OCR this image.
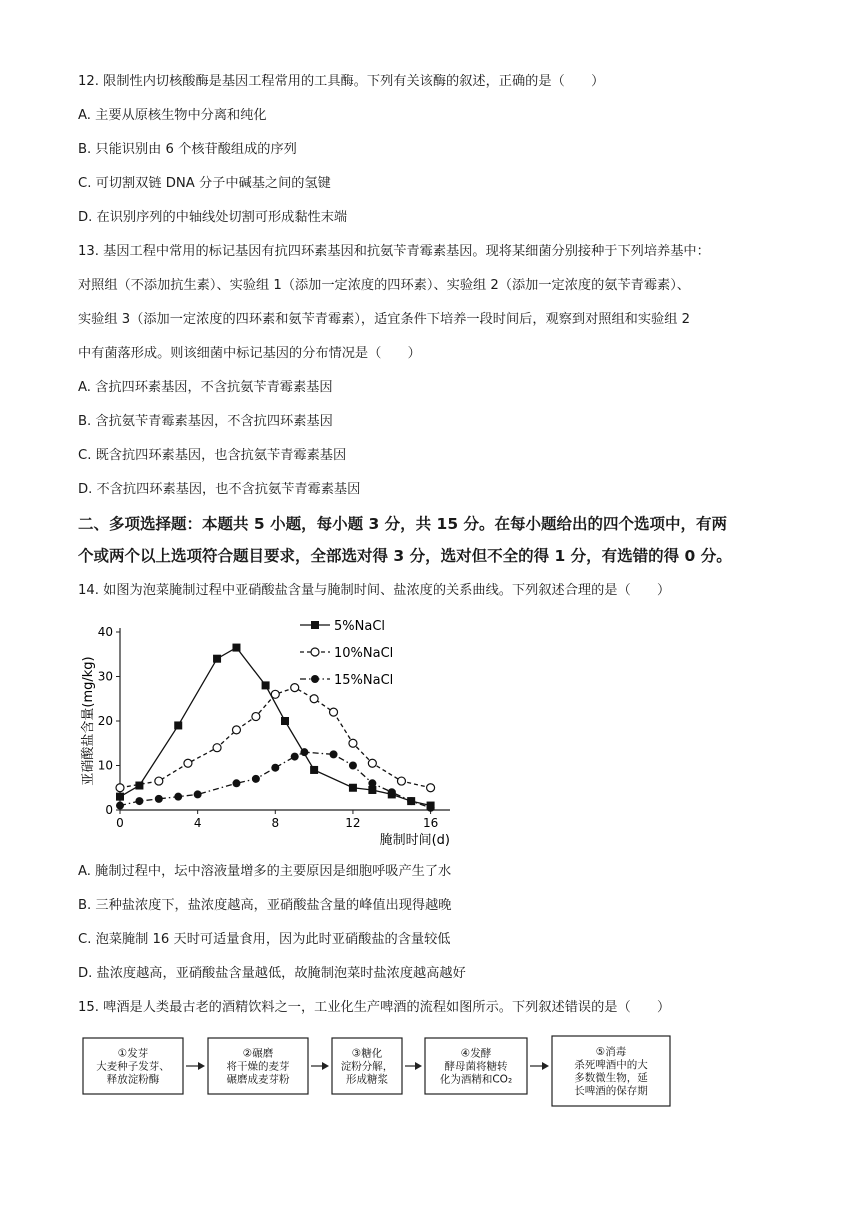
12. 限制性内切核酸酶是基因工程常用的工具酶。下列有关该酶的叙述，正确的是（　　）
A. 主要从原核生物中分离和纯化
B. 只能识别由 6 个核苷酸组成的序列
C. 可切割双链 DNA 分子中碱基之间的氢键
D. 在识别序列的中轴线处切割可形成黏性末端
13. 基因工程中常用的标记基因有抗四环素基因和抗氨苄青霉素基因。现将某细菌分别接种于下列培养基中：
对照组（不添加抗生素）、实验组 1（添加一定浓度的四环素）、实验组 2（添加一定浓度的氨苄青霉素）、
实验组 3（添加一定浓度的四环素和氨苄青霉素），适宜条件下培养一段时间后，观察到对照组和实验组 2
中有菌落形成。则该细菌中标记基因的分布情况是（　　）
A. 含抗四环素基因，不含抗氨苄青霉素基因
B. 含抗氨苄青霉素基因，不含抗四环素基因
C. 既含抗四环素基因，也含抗氨苄青霉素基因
D. 不含抗四环素基因，也不含抗氨苄青霉素基因
二、多项选择题：本题共 5 小题，每小题 3 分，共 15 分。在每小题给出的四个选项中，有两
个或两个以上选项符合题目要求，全部选对得 3 分，选对但不全的得 1 分，有选错的得 0 分。
14. 如图为泡菜腌制过程中亚硝酸盐含量与腌制时间、盐浓度的关系曲线。下列叙述合理的是（　　）
0
10
20
30
40
0	4	8	12	16
腌制时间(d)
亚硝酸盐含量(mg/kg)
5%NaCl
10%NaCl
15%NaCl
A. 腌制过程中，坛中溶液量增多的主要原因是细胞呼吸产生了水
B. 三种盐浓度下，盐浓度越高，亚硝酸盐含量的峰值出现得越晚
C. 泡菜腌制 16 天时可适量食用，因为此时亚硝酸盐的含量较低
D. 盐浓度越高，亚硝酸盐含量越低，故腌制泡菜时盐浓度越高越好
15. 啤酒是人类最古老的酒精饮料之一，工业化生产啤酒的流程如图所示。下列叙述错误的是（　　）
①发芽
大麦种子发芽、
释放淀粉酶
②碾磨
将干燥的麦芽
碾磨成麦芽粉
③糖化
淀粉分解，
形成糖浆
④发酵
酵母菌将糖转
化为酒精和CO₂
⑤消毒
杀死啤酒中的大
多数微生物，延
长啤酒的保存期
